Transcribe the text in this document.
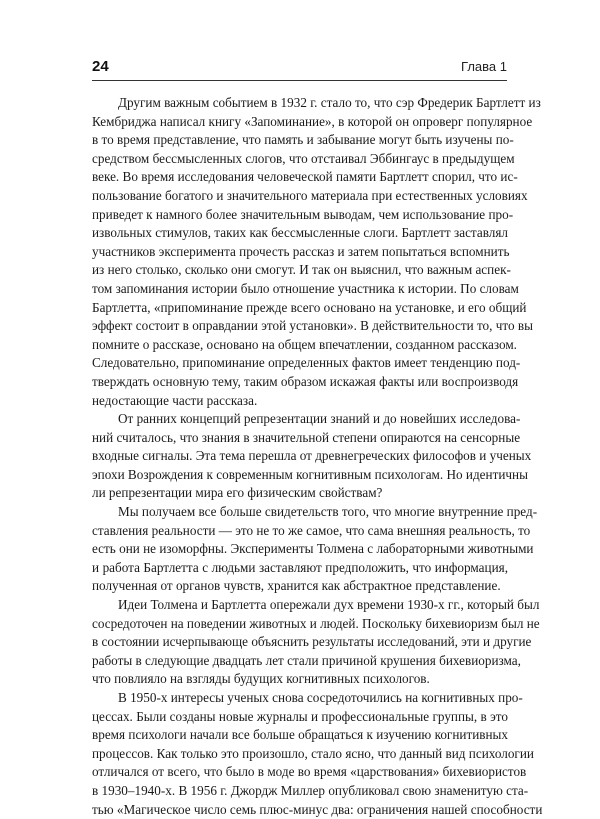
24	Глава 1
Другим важным событием в 1932 г. стало то, что сэр Фредерик Бартлетт из
Кембриджа написал книгу «Запоминание», в которой он опроверг популярное
в то время представление, что память и забывание могут быть изучены по-
средством бессмысленных слогов, что отстаивал Эббингаус в предыдущем
веке. Во время исследования человеческой памяти Бартлетт спорил, что ис-
пользование богатого и значительного материала при естественных условиях
приведет к намного более значительным выводам, чем использование про-
извольных стимулов, таких как бессмысленные слоги. Бартлетт заставлял
участников эксперимента прочесть рассказ и затем попытаться вспомнить
из него столько, сколько они смогут. И так он выяснил, что важным аспек-
том запоминания истории было отношение участника к истории. По словам
Бартлетта, «припоминание прежде всего основано на установке, и его общий
эффект состоит в оправдании этой установки». В действительности то, что вы
помните о рассказе, основано на общем впечатлении, созданном рассказом.
Следовательно, припоминание определенных фактов имеет тенденцию под-
тверждать основную тему, таким образом искажая факты или воспроизводя
недостающие части рассказа.
От ранних концепций репрезентации знаний и до новейших исследова-
ний считалось, что знания в значительной степени опираются на сенсорные
входные сигналы. Эта тема перешла от древнегреческих философов и ученых
эпохи Возрождения к современным когнитивным психологам. Но идентичны
ли репрезентации мира его физическим свойствам?
Мы получаем все больше свидетельств того, что многие внутренние пред-
ставления реальности — это не то же самое, что сама внешняя реальность, то
есть они не изоморфны. Эксперименты Толмена с лабораторными животными
и работа Бартлетта с людьми заставляют предположить, что информация,
полученная от органов чувств, хранится как абстрактное представление.
Идеи Толмена и Бартлетта опережали дух времени 1930-х гг., который был
сосредоточен на поведении животных и людей. Поскольку бихевиоризм был не
в состоянии исчерпывающе объяснить результаты исследований, эти и другие
работы в следующие двадцать лет стали причиной крушения бихевиоризма,
что повлияло на взгляды будущих когнитивных психологов.
В 1950-х интересы ученых снова сосредоточились на когнитивных про-
цессах. Были созданы новые журналы и профессиональные группы, в это
время психологи начали все больше обращаться к изучению когнитивных
процессов. Как только это произошло, стало ясно, что данный вид психологии
отличался от всего, что было в моде во время «царствования» бихевиористов
в 1930–1940-х. В 1956 г. Джордж Миллер опубликовал свою знаменитую ста-
тью «Магическое число семь плюс-минус два: ограничения нашей способности
